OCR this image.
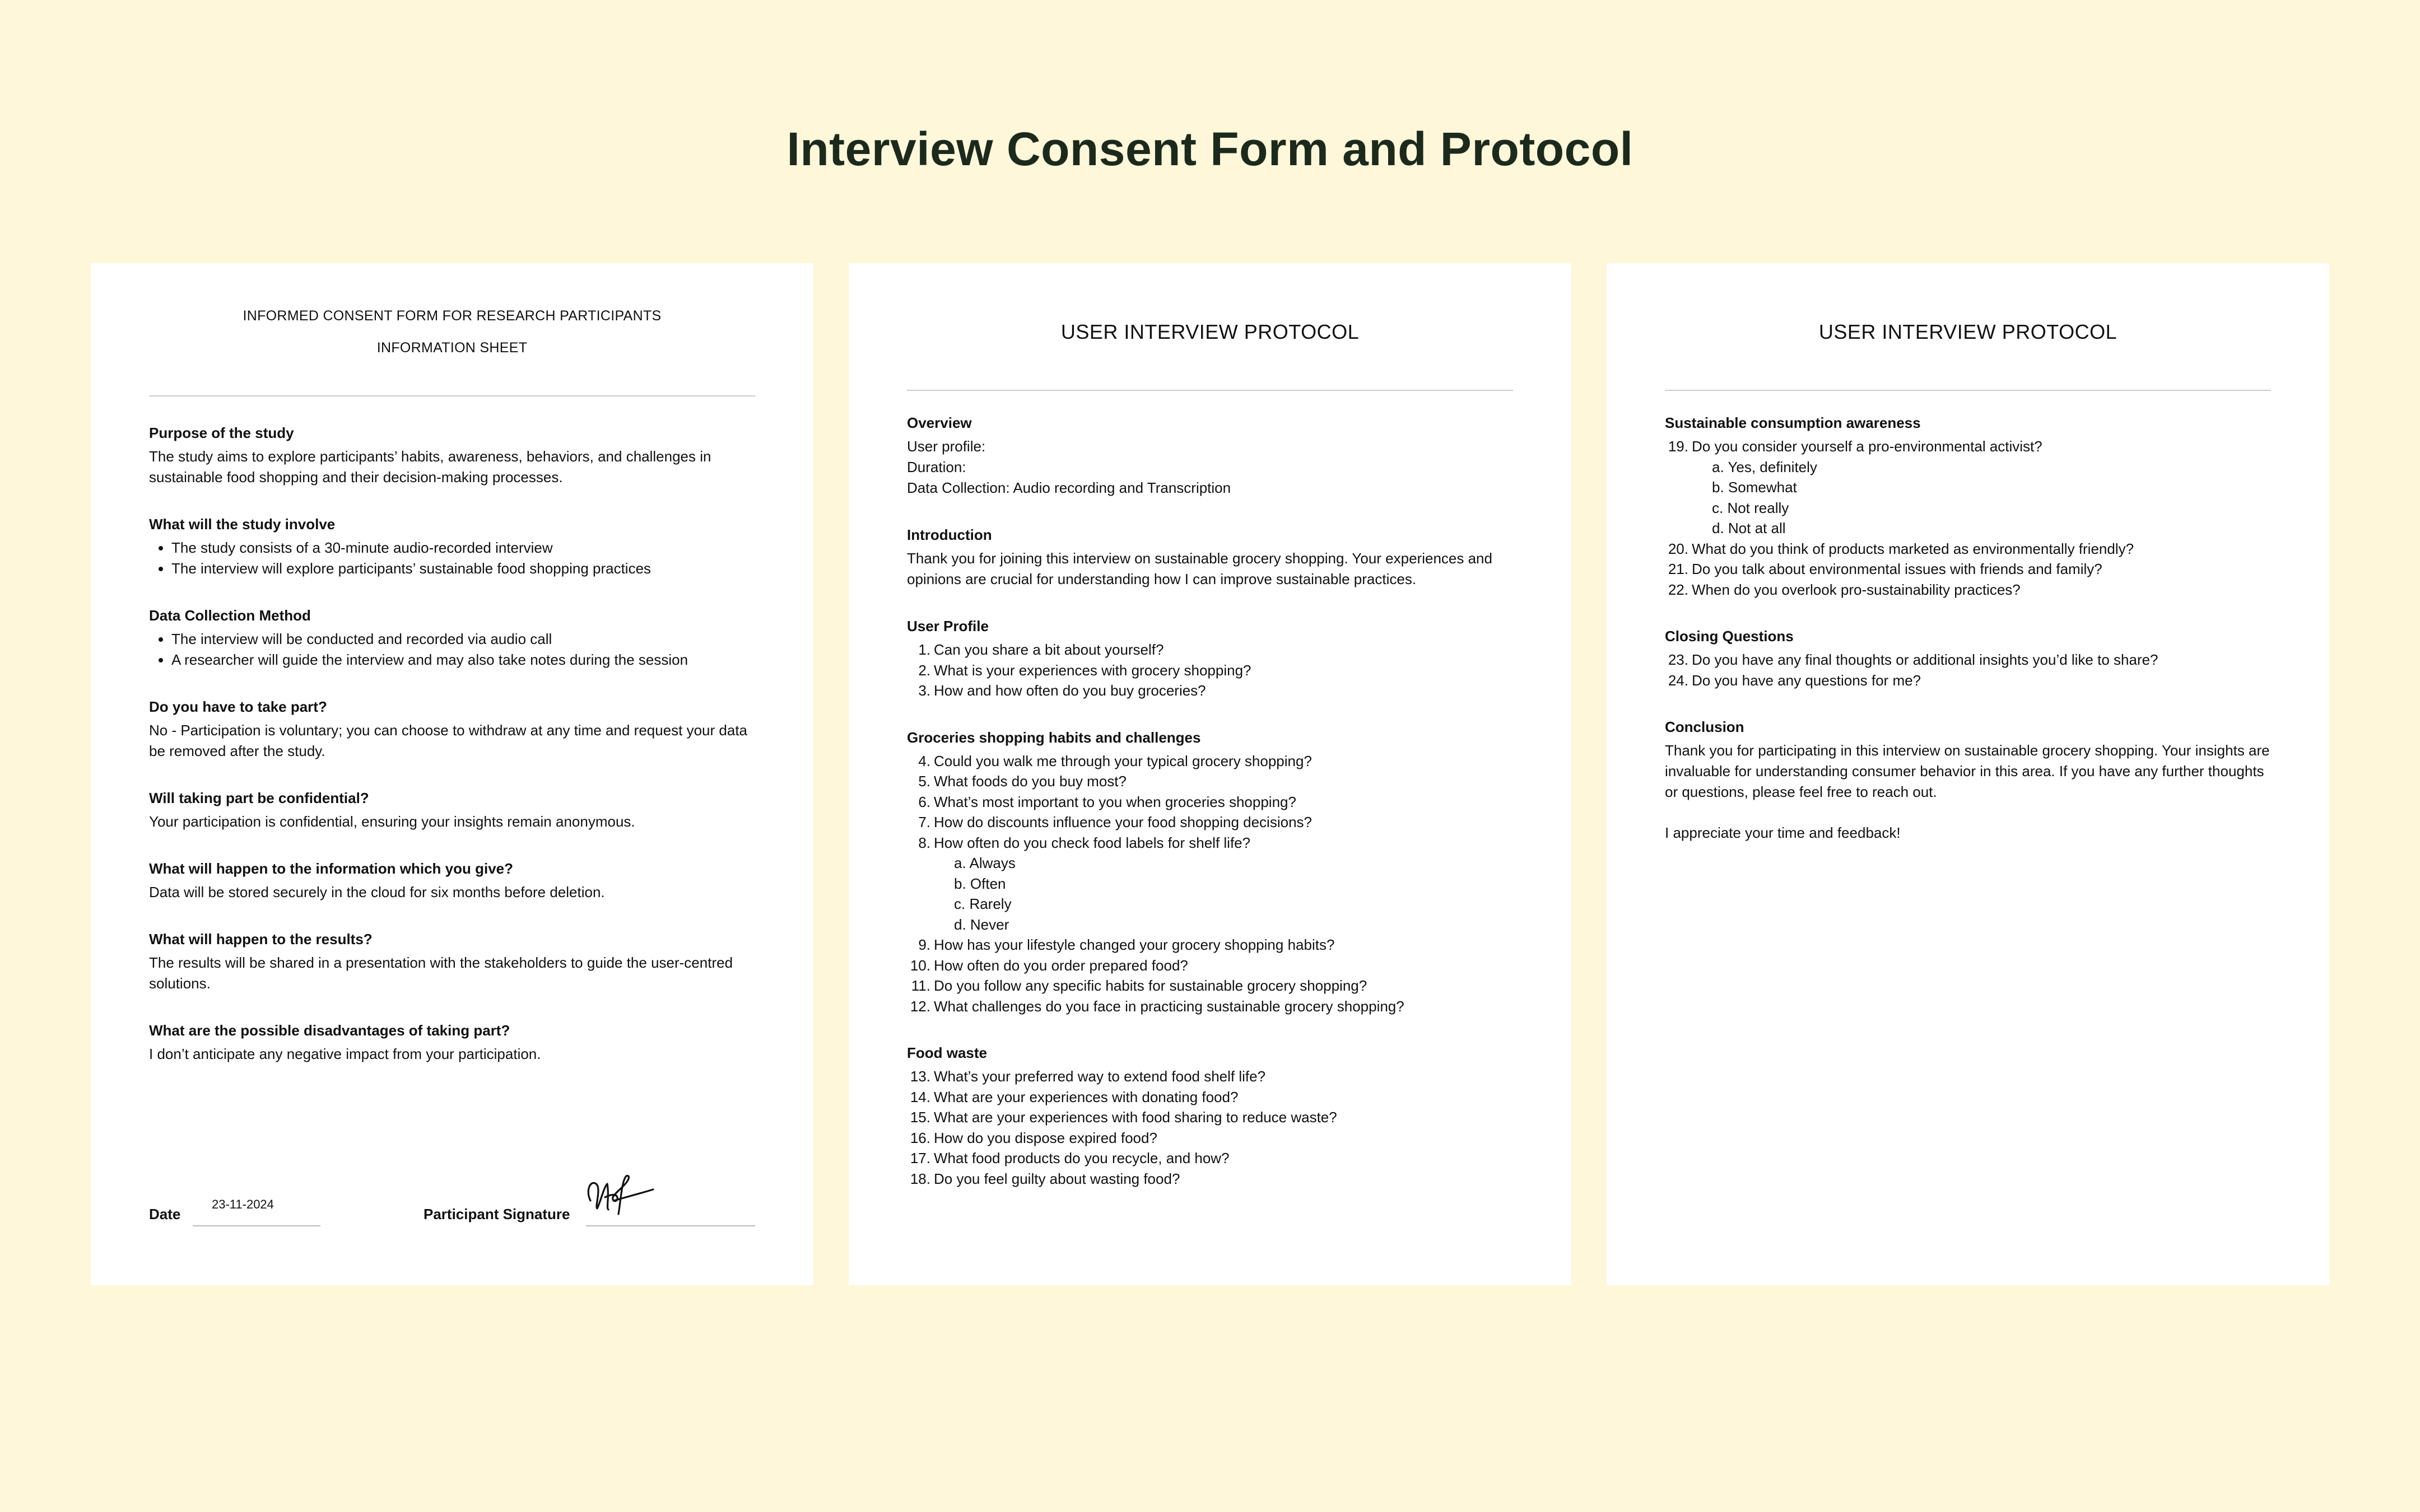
Interview Consent Form and Protocol

INFORMED CONSENT FORM FOR RESEARCH PARTICIPANTS

INFORMATION SHEET

Purpose of the study

The study aims to explore participants’ habits, awareness, behaviors, and challenges in sustainable food shopping and their decision-making processes.

What will the study involve

• The study consists of a 30-minute audio-recorded interview
• The interview will explore participants’ sustainable food shopping practices

Data Collection Method

• The interview will be conducted and recorded via audio call
• A researcher will guide the interview and may also take notes during the session

Do you have to take part?

No - Participation is voluntary; you can choose to withdraw at any time and request your data be removed after the study.

Will taking part be confidential?

Your participation is confidential, ensuring your insights remain anonymous.

What will happen to the information which you give?

Data will be stored securely in the cloud for six months before deletion.

What will happen to the results?

The results will be shared in a presentation with the stakeholders to guide the user-centred solutions.

What are the possible disadvantages of taking part?

I don’t anticipate any negative impact from your participation.

Date
23-11-2024
Participant Signature

USER INTERVIEW PROTOCOL

Overview

User profile:

Duration:

Data Collection: Audio recording and Transcription

Introduction

Thank you for joining this interview on sustainable grocery shopping. Your experiences and opinions are crucial for understanding how I can improve sustainable practices.

User Profile

1. Can you share a bit about yourself?
2. What is your experiences with grocery shopping?
3. How and how often do you buy groceries?

Groceries shopping habits and challenges

4. Could you walk me through your typical grocery shopping?
5. What foods do you buy most?
6. What’s most important to you when groceries shopping?
7. How do discounts influence your food shopping decisions?
8. How often do you check food labels for shelf life?
a. Always
b. Often
c. Rarely
d. Never
9. How has your lifestyle changed your grocery shopping habits?
10. How often do you order prepared food?
11. Do you follow any specific habits for sustainable grocery shopping?
12. What challenges do you face in practicing sustainable grocery shopping?

Food waste

13. What’s your preferred way to extend food shelf life?
14. What are your experiences with donating food?
15. What are your experiences with food sharing to reduce waste?
16. How do you dispose expired food?
17. What food products do you recycle, and how?
18. Do you feel guilty about wasting food?

USER INTERVIEW PROTOCOL

Sustainable consumption awareness

19. Do you consider yourself a pro-environmental activist?
a. Yes, definitely
b. Somewhat
c. Not really
d. Not at all
20. What do you think of products marketed as environmentally friendly?
21. Do you talk about environmental issues with friends and family?
22. When do you overlook pro-sustainability practices?

Closing Questions

23. Do you have any final thoughts or additional insights you’d like to share?
24. Do you have any questions for me?

Conclusion

Thank you for participating in this interview on sustainable grocery shopping. Your insights are invaluable for understanding consumer behavior in this area. If you have any further thoughts or questions, please feel free to reach out.

I appreciate your time and feedback!
